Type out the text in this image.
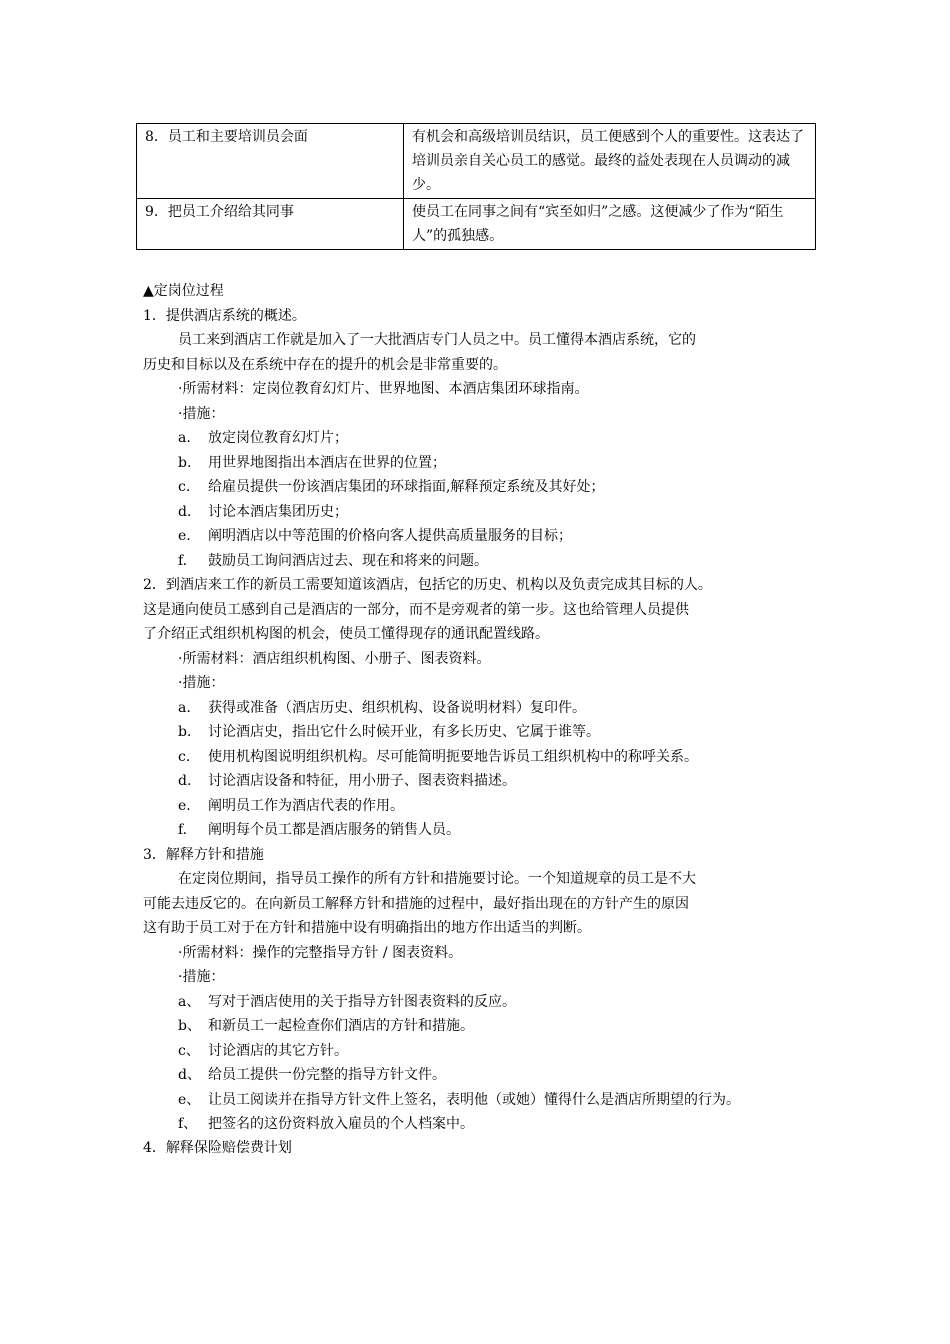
8．员工和主要培训员会面	有机会和高级培训员结识，员工便感到个人的重要性。这表达了培训员亲自关心员工的感觉。最终的益处表现在人员调动的减少。
9．把员工介绍给其同事	使员工在同事之间有“宾至如归”之感。这便减少了作为“陌生人”的孤独感。
▲定岗位过程
1．提供酒店系统的概述。
员工来到酒店工作就是加入了一大批酒店专门人员之中。员工懂得本酒店系统，它的
历史和目标以及在系统中存在的提升的机会是非常重要的。
·所需材料：定岗位教育幻灯片、世界地图、本酒店集团环球指南。
·措施：
a.	放定岗位教育幻灯片；
b.	用世界地图指出本酒店在世界的位置；
c.	给雇员提供一份该酒店集团的环球指面,解释预定系统及其好处；
d.	讨论本酒店集团历史；
e.	阐明酒店以中等范围的价格向客人提供高质量服务的目标；
f.	鼓励员工询问酒店过去、现在和将来的问题。
2．到酒店来工作的新员工需要知道该酒店，包括它的历史、机构以及负责完成其目标的人。
这是通向使员工感到自己是酒店的一部分，而不是旁观者的第一步。这也给管理人员提供
了介绍正式组织机构图的机会，使员工懂得现存的通讯配置线路。
·所需材料：酒店组织机构图、小册子、图表资料。
·措施：
a.	获得或准备（酒店历史、组织机构、设备说明材料）复印件。
b.	讨论酒店史，指出它什么时候开业，有多长历史、它属于谁等。
c.	使用机构图说明组织机构。尽可能简明扼要地告诉员工组织机构中的称呼关系。
d.	讨论酒店设备和特征，用小册子、图表资料描述。
e.	阐明员工作为酒店代表的作用。
f.	阐明每个员工都是酒店服务的销售人员。
3．解释方针和措施
在定岗位期间，指导员工操作的所有方针和措施要讨论。一个知道规章的员工是不大
可能去违反它的。在向新员工解释方针和措施的过程中，最好指出现在的方针产生的原因
这有助于员工对于在方针和措施中设有明确指出的地方作出适当的判断。
·所需材料：操作的完整指导方针 / 图表资料。
·措施：
a、 写对于酒店使用的关于指导方针图表资料的反应。
b、 和新员工一起检查你们酒店的方针和措施。
c、 讨论酒店的其它方针。
d、 给员工提供一份完整的指导方针文件。
e、 让员工阅读并在指导方针文件上签名，表明他（或她）懂得什么是酒店所期望的行为。
f、 把签名的这份资料放入雇员的个人档案中。
4．解释保险赔偿费计划
